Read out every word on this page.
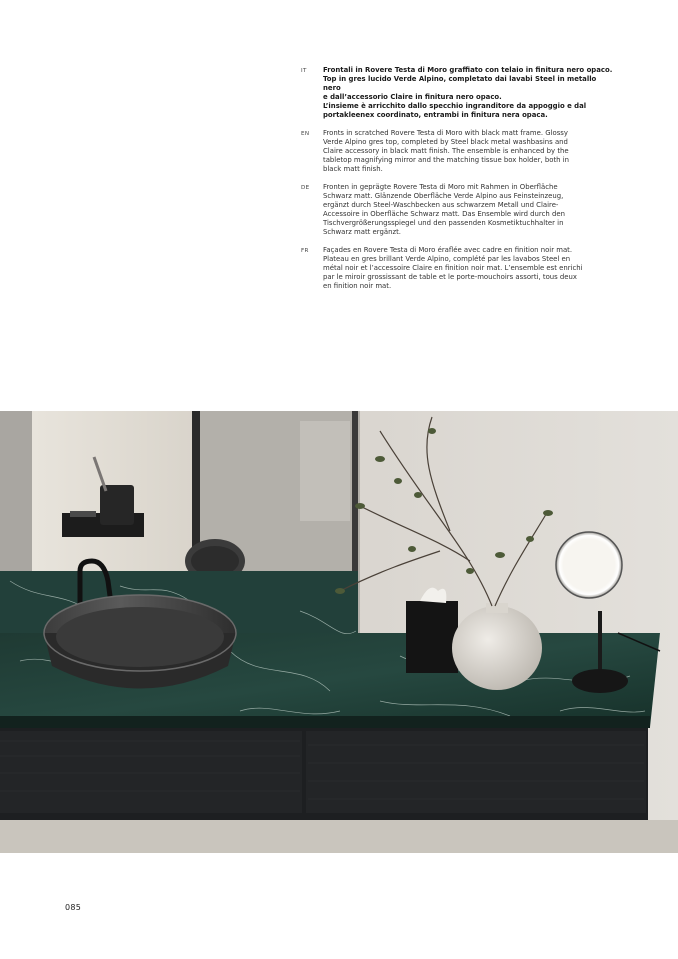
IT	Frontali in Rovere Testa di Moro graffiato con telaio in finitura nero opaco.
Top in gres lucido Verde Alpino, completato dai lavabi Steel in metallo nero
e dall’accessorio Claire in finitura nero opaco.
L’insieme è arricchito dallo specchio ingranditore da appoggio e dal
portakleenex coordinato, entrambi in finitura nera opaca.
EN	Fronts in scratched Rovere Testa di Moro with black matt frame. Glossy
Verde Alpino gres top, completed by Steel black metal washbasins and
Claire accessory in black matt finish. The ensemble is enhanced by the
tabletop magnifying mirror and the matching tissue box holder, both in
black matt finish.
DE	Fronten in geprägte Rovere Testa di Moro mit Rahmen in Oberfläche
Schwarz matt. Glänzende Oberfläche Verde Alpino aus Feinsteinzeug,
ergänzt durch Steel-Waschbecken aus schwarzem Metall und Claire-
Accessoire in Oberfläche Schwarz matt. Das Ensemble wird durch den
Tischvergrößerungsspiegel und den passenden Kosmetiktuchhalter in
Schwarz matt ergänzt.
FR	Façades en Rovere Testa di Moro éraflée avec cadre en finition noir mat.
Plateau en gres brillant Verde Alpino, complété par les lavabos Steel en
métal noir et l’accessoire Claire en finition noir mat. L’ensemble est enrichi
par le miroir grossissant de table et le porte-mouchoirs assorti, tous deux
en finition noir mat.
085
